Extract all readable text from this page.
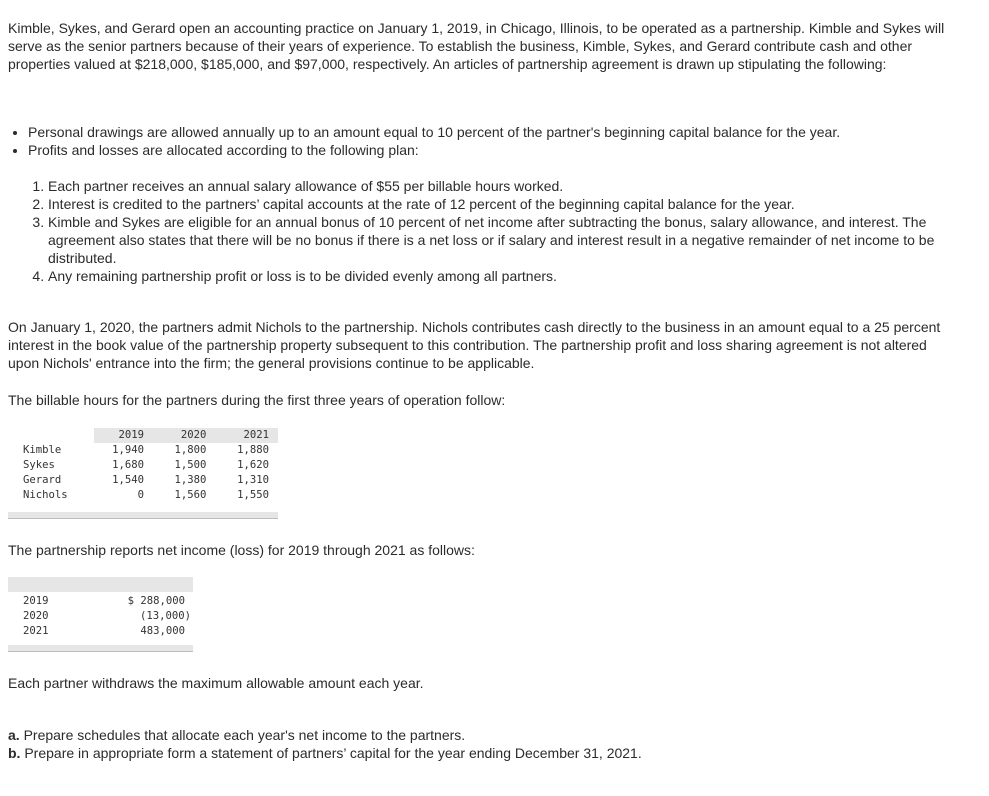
Kimble, Sykes, and Gerard open an accounting practice on January 1, 2019, in Chicago, Illinois, to be operated as a partnership. Kimble and Sykes will serve as the senior partners because of their years of experience. To establish the business, Kimble, Sykes, and Gerard contribute cash and other properties valued at $218,000, $185,000, and $97,000, respectively. An articles of partnership agreement is drawn up stipulating the following:

• Personal drawings are allowed annually up to an amount equal to 10 percent of the partner's beginning capital balance for the year.
• Profits and losses are allocated according to the following plan:
1. Each partner receives an annual salary allowance of $55 per billable hours worked.
2. Interest is credited to the partners’ capital accounts at the rate of 12 percent of the beginning capital balance for the year.
3. Kimble and Sykes are eligible for an annual bonus of 10 percent of net income after subtracting the bonus, salary allowance, and interest. The agreement also states that there will be no bonus if there is a net loss or if salary and interest result in a negative remainder of net income to be distributed.
4. Any remaining partnership profit or loss is to be divided evenly among all partners.

On January 1, 2020, the partners admit Nichols to the partnership. Nichols contributes cash directly to the business in an amount equal to a 25 percent interest in the book value of the partnership property subsequent to this contribution. The partnership profit and loss sharing agreement is not altered upon Nichols' entrance into the firm; the general provisions continue to be applicable.

The billable hours for the partners during the first three years of operation follow:

	2019	2020	2021
Kimble	1,940	1,800	1,880
Sykes	1,680	1,500	1,620
Gerard	1,540	1,380	1,310
Nichols	0	1,560	1,550

The partnership reports net income (loss) for 2019 through 2021 as follows:

2019	$ 288,000
2020	(13,000)
2021	483,000

Each partner withdraws the maximum allowable amount each year.

a. Prepare schedules that allocate each year's net income to the partners.

b. Prepare in appropriate form a statement of partners’ capital for the year ending December 31, 2021.
